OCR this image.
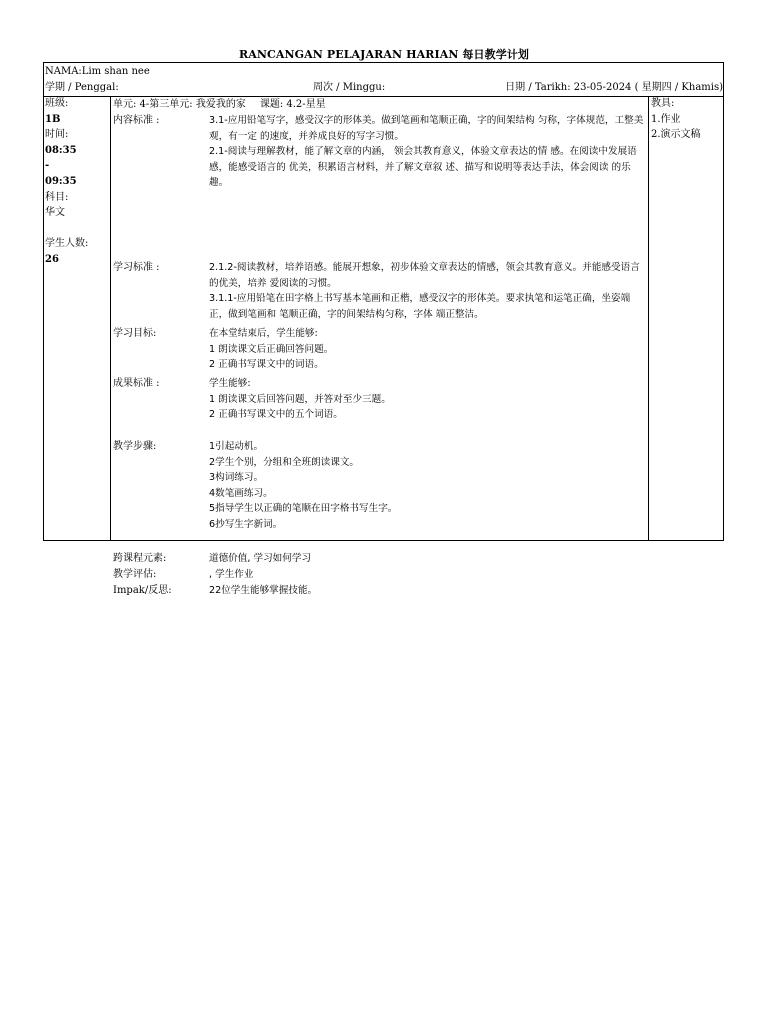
RANCANGAN PELAJARAN HARIAN 每日教学计划
NAMA:Lim shan nee
学期 / Penggal:	周次 / Minggu:	日期 / Tarikh: 23-05-2024 ( 星期四 / Khamis)
班级:
1B
时间:
08:35
-
09:35
科目:
华文
学生人数:
26
单元: 4-第三单元: 我爱我的家 课题: 4.2-星星
内容标准 :	3.1-应用铅笔写字，感受汉字的形体美。做到笔画和笔顺正确，字的间架结构 匀称，字体规范，工整美观，有一定 的速度，并养成良好的写字习惯。

2.1-阅读与理解教材，能了解文章的内涵， 领会其教育意义，体验文章表达的情 感。在阅读中发展语感，能感受语言的 优美，积累语言材料，并了解文章叙 述、描写和说明等表达手法，体会阅读 的乐趣。

学习标准 :	2.1.2-阅读教材，培养语感。能展开想象，初步体验文章表达的情感，领会其教育意义。并能感受语言的优美，培养 爱阅读的习惯。

3.1.1-应用铅笔在田字格上书写基本笔画和正楷，感受汉字的形体美。要求执笔和运笔正确，坐姿端正，做到笔画和 笔顺正确，字的间架结构匀称，字体 端正整洁。

学习目标:	在本堂结束后，学生能够:

1 朗读课文后正确回答问题。

2 正确书写课文中的词语。

成果标准 :	学生能够:

1 朗读课文后回答问题，并答对至少三题。

2 正确书写课文中的五个词语。

教学步骤:	1引起动机。

2学生个别，分组和全班朗读课文。

3构词练习。

4数笔画练习。

5指导学生以正确的笔顺在田字格书写生字。

6抄写生字新词。

跨课程元素:	道德价值, 学习如何学习

教学评估:	, 学生作业

Impak/反思:	22位学生能够掌握技能。

教具:
1.作业
2.演示文稿
